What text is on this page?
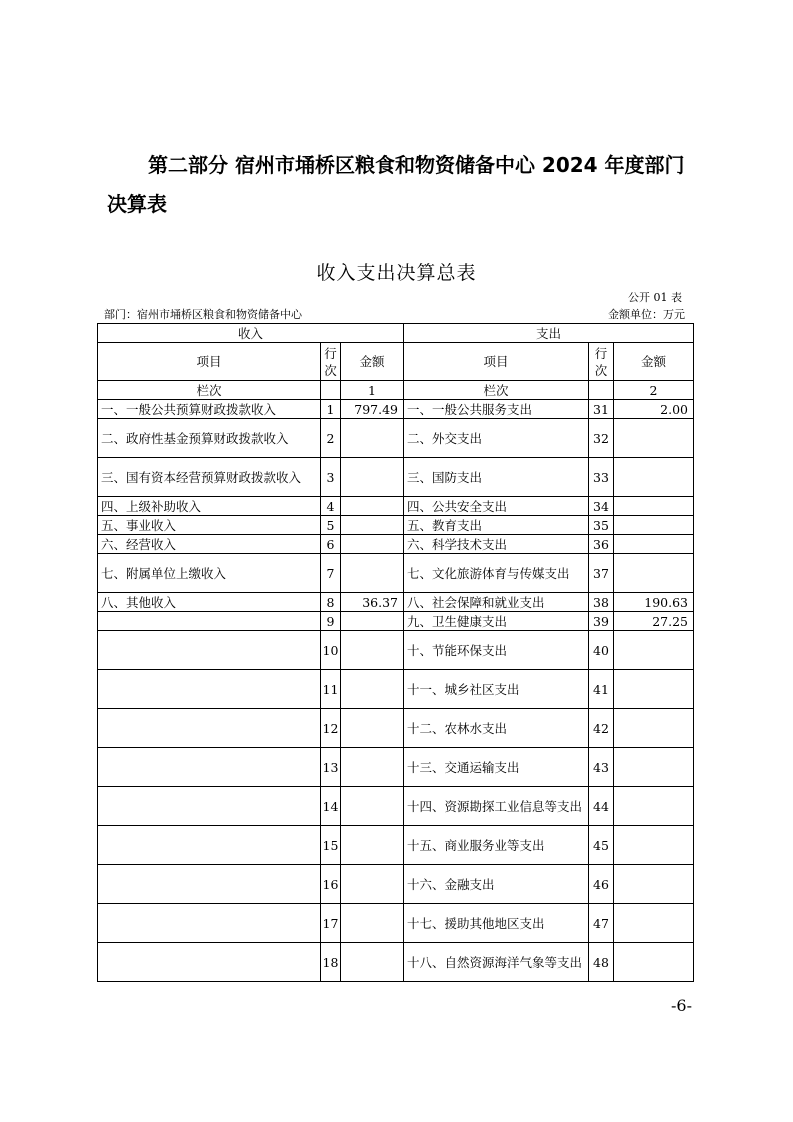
第二部分 宿州市埇桥区粮食和物资储备中心 2024 年度部门
决算表
收入支出决算总表
公开 01 表
部门：宿州市埇桥区粮食和物资储备中心	金额单位：万元
收入			支出		
项目	行次	金额	项目	行次	金额
栏次		1	栏次		2
一、一般公共预算财政拨款收入	1	797.49	一、一般公共服务支出	31	2.00
二、政府性基金预算财政拨款收入	2		二、外交支出	32	
三、国有资本经营预算财政拨款收入	3		三、国防支出	33	
四、上级补助收入	4		四、公共安全支出	34	
五、事业收入	5		五、教育支出	35	
六、经营收入	6		六、科学技术支出	36	
七、附属单位上缴收入	7		七、文化旅游体育与传媒支出	37	
八、其他收入	8	36.37	八、社会保障和就业支出	38	190.63
	9		九、卫生健康支出	39	27.25
	10		十、节能环保支出	40	
	11		十一、城乡社区支出	41	
	12		十二、农林水支出	42	
	13		十三、交通运输支出	43	
	14		十四、资源勘探工业信息等支出	44	
	15		十五、商业服务业等支出	45	
	16		十六、金融支出	46	
	17		十七、援助其他地区支出	47	
	18		十八、自然资源海洋气象等支出	48	
-6-
